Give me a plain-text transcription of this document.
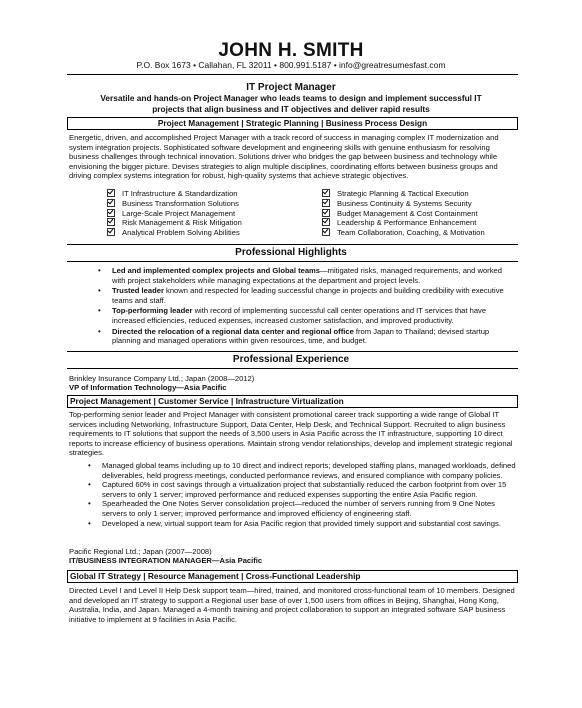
JOHN H. SMITH
P.O. Box 1673 • Callahan, FL 32011 • 800.991.5187 • info@greatresumesfast.com
IT Project Manager
Versatile and hands-on Project Manager who leads teams to design and implement successful IT projects that align business and IT objectives and deliver rapid results
Project Management | Strategic Planning | Business Process Design
Energetic, driven, and accomplished Project Manager with a track record of success in managing complex IT modernization and system integration projects. Sophisticated software development and engineering skills with genuine enthusiasm for resolving business challenges through technical innovation. Solutions driver who bridges the gap between business and technology while envisioning the bigger picture. Devises strategies to align multiple disciplines, coordinating efforts between business groups and driving complex systems integration for robust, high-quality systems that achieve strategic objectives.
IT Infrastructure & Standardization
Business Transformation Solutions
Large-Scale Project Management
Risk Management & Risk Mitigation
Analytical Problem Solving Abilities
Strategic Planning & Tactical Execution
Business Continuity & Systems Security
Budget Management & Cost Containment
Leadership & Performance Enhancement
Team Collaboration, Coaching, & Motivation
Professional Highlights
• Led and implemented complex projects and Global teams—mitigated risks, managed requirements, and worked with project stakeholders while managing expectations at the department and project levels.
• Trusted leader known and respected for leading successful change in projects and building credibility with executive teams and staff.
• Top-performing leader with record of implementing successful call center operations and IT services that have increased efficiencies, reduced expenses, increased customer satisfaction, and improved productivity.
• Directed the relocation of a regional data center and regional office from Japan to Thailand; devised startup planning and managed operations within given resources, time, and budget.
Professional Experience
Brinkley Insurance Company Ltd.; Japan (2008—2012)
VP of Information Technology—Asia Pacific
Project Management | Customer Service | Infrastructure Virtualization
Top-performing senior leader and Project Manager with consistent promotional career track supporting a wide range of Global IT services including Networking, Infrastructure Support, Data Center, Help Desk, and Technical Support. Recruited to align business requirements to IT solutions that support the needs of 3,500 users in Asia Pacific across the IT infrastructure, supporting 10 direct reports to increase efficiency of business operations. Maintain strong vendor relationships, develop and implement strategic regional strategies.
• Managed global teams including up to 10 direct and indirect reports; developed staffing plans, managed workloads, defined deliverables, held progress meetings, conducted performance reviews, and ensured compliance with company policies.
• Captured 60% in cost savings through a virtualization project that substantially reduced the carbon footprint from over 15 servers to only 1 server; improved performance and reduced expenses supporting the entire Asia Pacific region.
• Spearheaded the One Notes Server consolidation project—reduced the number of servers running from 9 One Notes servers to only 1 server; improved performance and improved efficiency of engineering staff.
• Developed a new, virtual support team for Asia Pacific region that provided timely support and substantial cost savings.
Pacific Regional Ltd.; Japan (2007—2008)
IT/BUSINESS INTEGRATION MANAGER—Asia Pacific
Global IT Strategy | Resource Management | Cross-Functional Leadership
Directed Level I and Level II Help Desk support team—hired, trained, and monitored cross-functional team of 10 members. Designed and developed an IT strategy to support a Regional user base of over 1,500 users from offices in Beijing, Shanghai, Hong Kong, Australia, India, and Japan. Managed a 4-month training and project collaboration to support an integrated software SAP business initiative to implement at 9 facilities in Asia Pacific.
